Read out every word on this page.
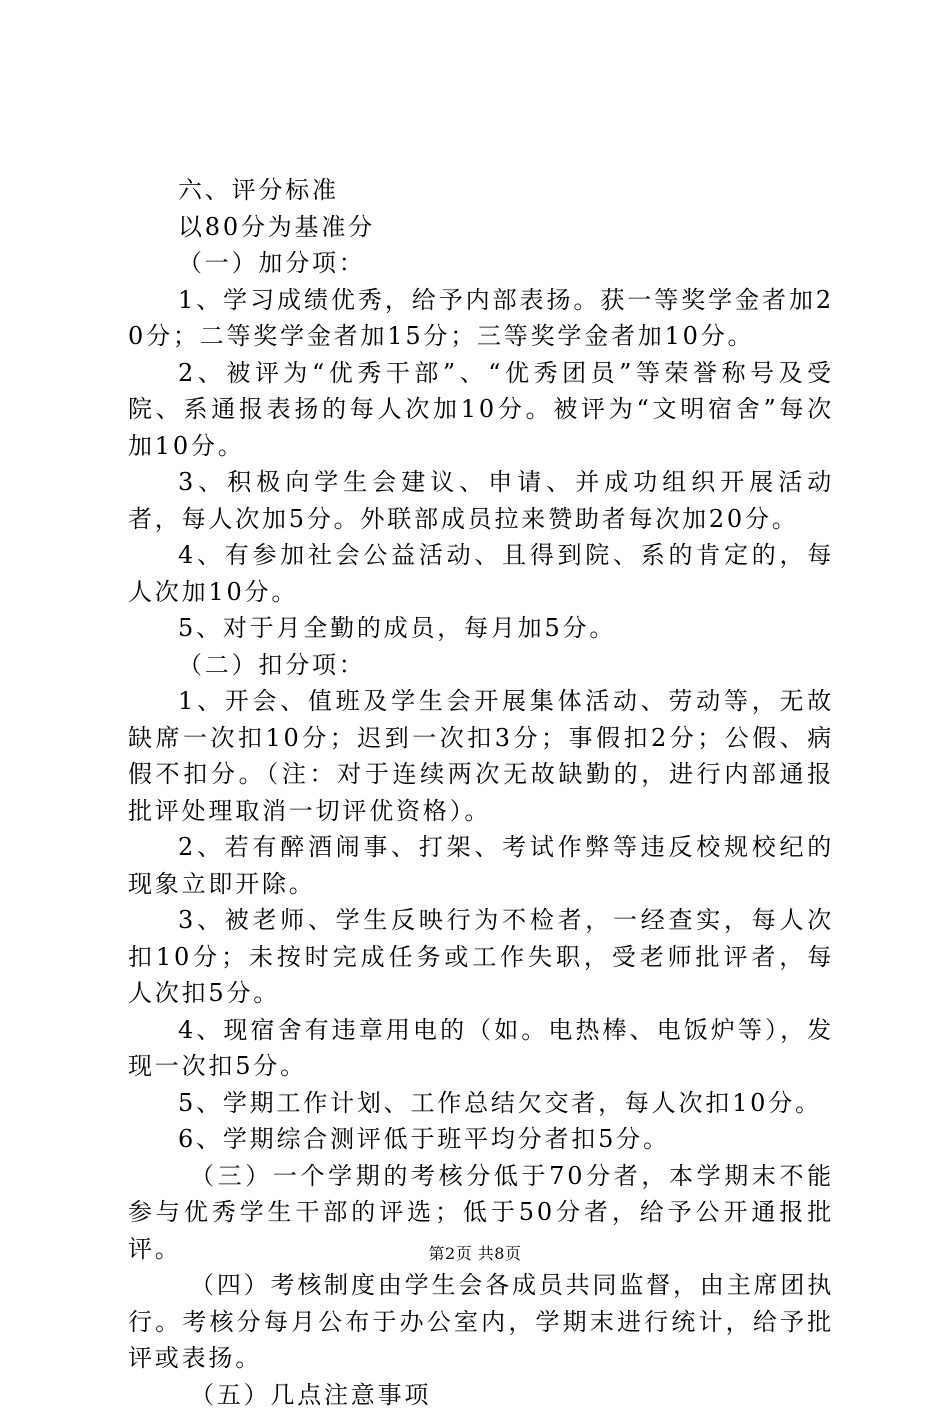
六、评分标准

以80分为基准分

（一）加分项：

1、学习成绩优秀，给予内部表扬。获一等奖学金者加20分；二等奖学金者加15分；三等奖学金者加10分。

2、被评为“优秀干部”、“优秀团员”等荣誉称号及受院、系通报表扬的每人次加10分。被评为“文明宿舍”每次加10分。

3、积极向学生会建议、申请、并成功组织开展活动者，每人次加5分。外联部成员拉来赞助者每次加20分。

4、有参加社会公益活动、且得到院、系的肯定的，每人次加10分。

5、对于月全勤的成员，每月加5分。

（二）扣分项：

1、开会、值班及学生会开展集体活动、劳动等，无故缺席一次扣10分；迟到一次扣3分；事假扣2分；公假、病假不扣分。（注：对于连续两次无故缺勤的，进行内部通报批评处理取消一切评优资格）。

2、若有醉酒闹事、打架、考试作弊等违反校规校纪的现象立即开除。

3、被老师、学生反映行为不检者，一经查实，每人次扣10分；未按时完成任务或工作失职，受老师批评者，每人次扣5分。

4、现宿舍有违章用电的（如。电热棒、电饭炉等），发现一次扣5分。

5、学期工作计划、工作总结欠交者，每人次扣10分。

6、学期综合测评低于班平均分者扣5分。

（三）一个学期的考核分低于70分者，本学期末不能参与优秀学生干部的评选；低于50分者，给予公开通报批评。

（四）考核制度由学生会各成员共同监督，由主席团执行。考核分每月公布于办公室内，学期末进行统计，给予批评或表扬。

（五）几点注意事项

第2页 共8页
